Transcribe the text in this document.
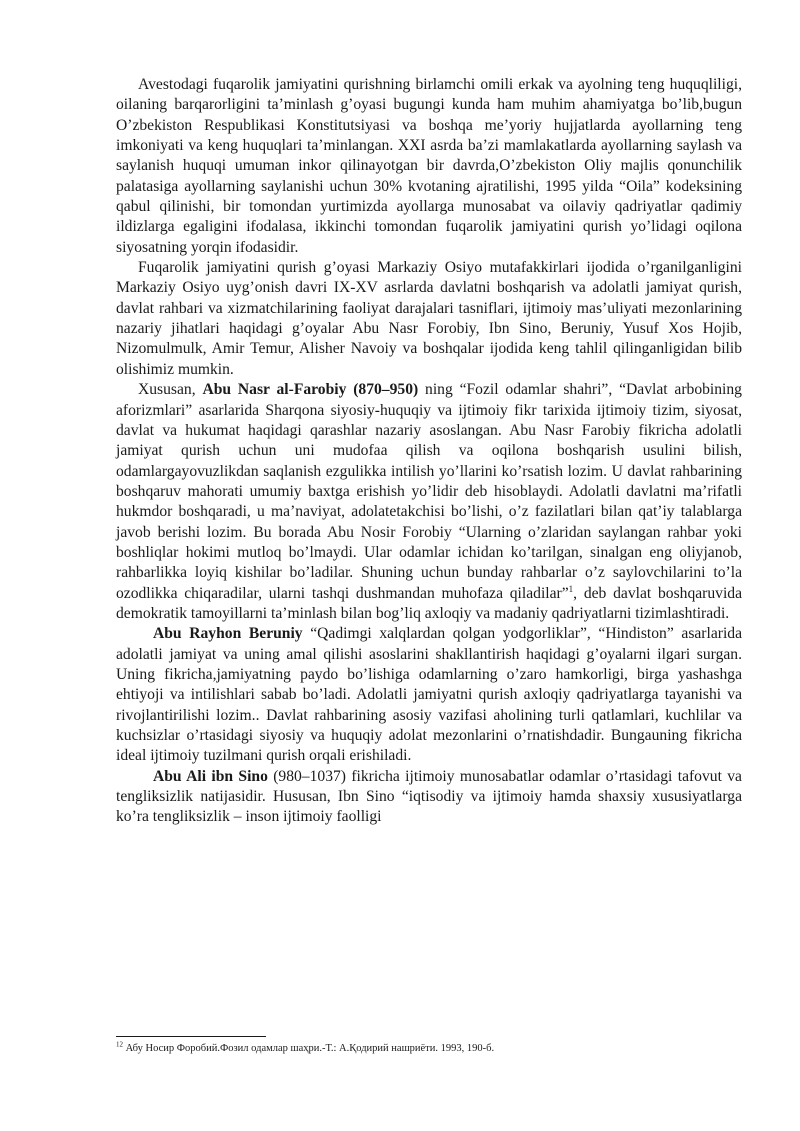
Avestodagi fuqarolik jamiyatini qurishning birlamchi omili erkak va ayolning teng huquqliligi, oilaning barqarorligini ta’minlash g’oyasi bugungi kunda ham muhim ahamiyatga bo’lib,bugun O’zbekiston Respublikasi Konstitutsiyasi va boshqa me’yoriy hujjatlarda ayollarning teng imkoniyati va keng huquqlari ta’minlangan. XXI asrda ba’zi mamlakatlarda ayollarning saylash va saylanish huquqi umuman inkor qilinayotgan bir davrda,O’zbekiston Oliy majlis qonunchilik palatasiga ayollarning saylanishi uchun 30% kvotaning ajratilishi, 1995 yilda “Oila” kodeksining qabul qilinishi, bir tomondan yurtimizda ayollarga munosabat va oilaviy qadriyatlar qadimiy ildizlarga egaligini ifodalasa, ikkinchi tomondan fuqarolik jamiyatini qurish yo’lidagi oqilona siyosatning yorqin ifodasidir.

Fuqarolik jamiyatini qurish g’oyasi Markaziy Osiyo mutafakkirlari ijodida o’rganilganligini Markaziy Osiyo uyg’onish davri IX-XV asrlarda davlatni boshqarish va adolatli jamiyat qurish, davlat rahbari va xizmatchilarining faoliyat darajalari tasniflari, ijtimoiy mas’uliyati mezonlarining nazariy jihatlari haqidagi g’oyalar Abu Nasr Forobiy, Ibn Sino, Beruniy, Yusuf Xos Hojib, Nizomulmulk, Amir Temur, Alisher Navoiy va boshqalar ijodida keng tahlil qilinganligidan bilib olishimiz mumkin.

Xususan, Abu Nasr al-Farobiy (870–950) ning “Fozil odamlar shahri”, “Davlat arbobining aforizmlari” asarlarida Sharqona siyosiy-huquqiy va ijtimoiy fikr tarixida ijtimoiy tizim, siyosat, davlat va hukumat haqidagi qarashlar nazariy asoslangan. Abu Nasr Farobiy fikricha adolatli jamiyat qurish uchun uni mudofaa qilish va oqilona boshqarish usulini bilish, odamlargayovuzlikdan saqlanish ezgulikka intilish yo’llarini ko’rsatish lozim. U davlat rahbarining boshqaruv mahorati umumiy baxtga erishish yo’lidir deb hisoblaydi. Adolatli davlatni ma’rifatli hukmdor boshqaradi, u ma’naviyat, adolatetakchisi bo’lishi, o’z fazilatlari bilan qat’iy talablarga javob berishi lozim. Bu borada Abu Nosir Forobiy “Ularning o’zlaridan saylangan rahbar yoki boshliqlar hokimi mutloq bo’lmaydi. Ular odamlar ichidan ko’tarilgan, sinalgan eng oliyjanob, rahbarlikka loyiq kishilar bo’ladilar. Shuning uchun bunday rahbarlar o’z saylovchilarini to’la ozodlikka chiqaradilar, ularni tashqi dushmandan muhofaza qiladilar”$^1$, deb davlat boshqaruvida demokratik tamoyillarni ta’minlash bilan bog’liq axloqiy va madaniy qadriyatlarni tizimlashtiradi.

Abu Rayhon Beruniy “Qadimgi xalqlardan qolgan yodgorliklar”, “Hindiston” asarlarida adolatli jamiyat va uning amal qilishi asoslarini shakllantirish haqidagi g’oyalarni ilgari surgan. Uning fikricha,jamiyatning paydo bo’lishiga odamlarning o’zaro hamkorligi, birga yashashga ehtiyoji va intilishlari sabab bo’ladi. Adolatli jamiyatni qurish axloqiy qadriyatlarga tayanishi va rivojlantirilishi lozim.. Davlat rahbarining asosiy vazifasi aholining turli qatlamlari, kuchlilar va kuchsizlar o’rtasidagi siyosiy va huquqiy adolat mezonlarini o’rnatishdadir. Bungauning fikricha ideal ijtimoiy tuzilmani qurish orqali erishiladi.

Abu Ali ibn Sino (980–1037) fikricha ijtimoiy munosabatlar odamlar o’rtasidagi tafovut va tengliksizlik natijasidir. Hususan, Ibn Sino “iqtisodiy va ijtimoiy hamda shaxsiy xususiyatlarga ko’ra tengliksizlik – inson ijtimoiy faolligi

$^{12}$ Абу Носир Форобий.Фозил одамлар шаҳри.-Т.: А.Қодирий нашриёти. 1993, 190-б.
